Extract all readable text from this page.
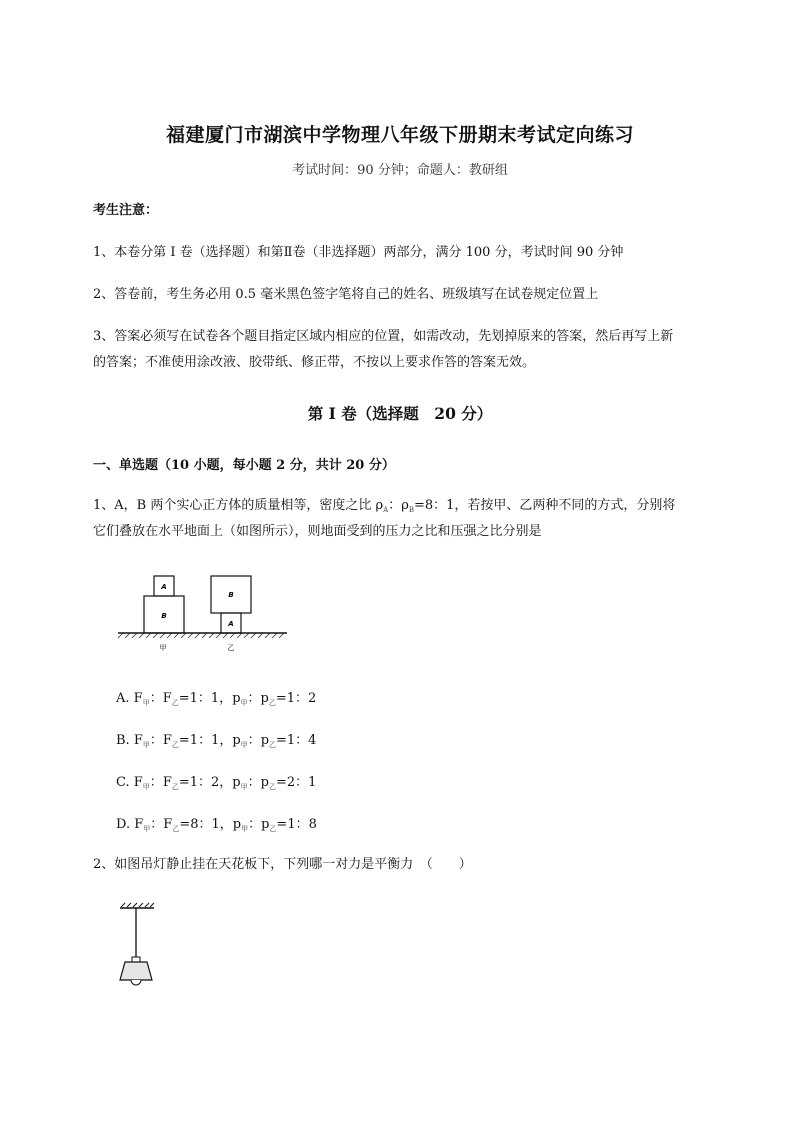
福建厦门市湖滨中学物理八年级下册期末考试定向练习
考试时间：90 分钟；命题人：教研组
考生注意：
1、本卷分第 I 卷（选择题）和第Ⅱ卷（非选择题）两部分，满分 100 分，考试时间 90 分钟
2、答卷前，考生务必用 0.5 毫米黑色签字笔将自己的姓名、班级填写在试卷规定位置上
3、答案必须写在试卷各个题目指定区域内相应的位置，如需改动，先划掉原来的答案，然后再写上新
的答案；不准使用涂改液、胶带纸、修正带，不按以上要求作答的答案无效。
第 I 卷（选择题　20 分）
一、单选题（10 小题，每小题 2 分，共计 20 分）
1、A，B 两个实心正方体的质量相等，密度之比 $\rho_A$：$\rho_B=8$：1，若按甲、乙两种不同的方式，分别将
它们叠放在水平地面上（如图所示），则地面受到的压力之比和压强之比分别是
B
A
A
B
甲	乙
A. $F_甲$：$F_乙=1$：1，$p_甲$：$p_乙=1$：2
B. $F_甲$：$F_乙=1$：1，$p_甲$：$p_乙=1$：4
C. $F_甲$：$F_乙=1$：2，$p_甲$：$p_乙=2$：1
D. $F_甲$：$F_乙=8$：1，$p_甲$：$p_乙=1$：8
2、如图吊灯静止挂在天花板下，下列哪一对力是平衡力　（　　）
